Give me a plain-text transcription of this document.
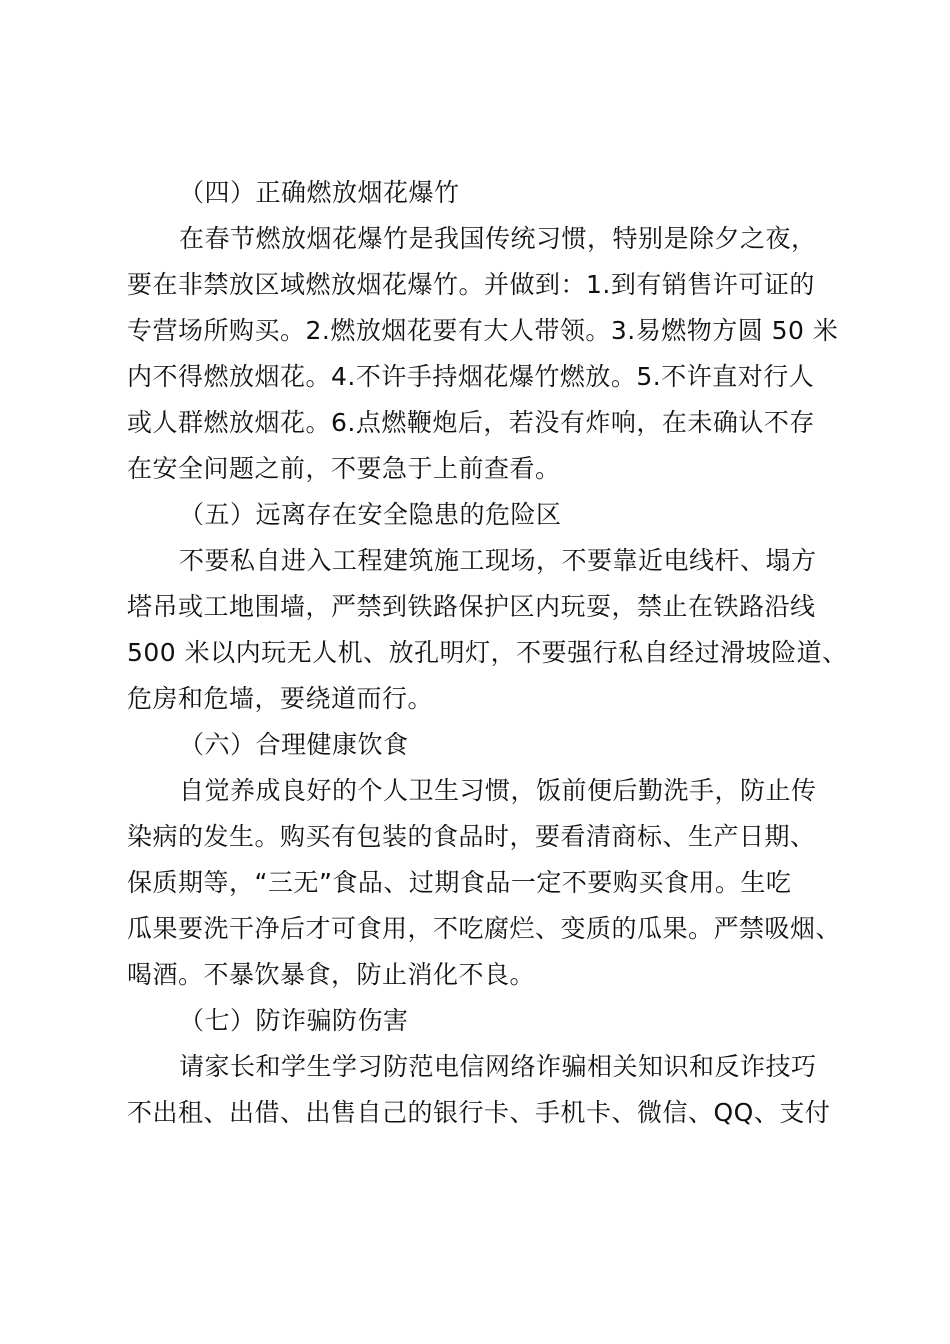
（四）正确燃放烟花爆竹
在春节燃放烟花爆竹是我国传统习惯，特别是除夕之夜，
要在非禁放区域燃放烟花爆竹。并做到：1.到有销售许可证的
专营场所购买。2.燃放烟花要有大人带领。3.易燃物方圆 50 米
内不得燃放烟花。4.不许手持烟花爆竹燃放。5.不许直对行人
或人群燃放烟花。6.点燃鞭炮后，若没有炸响，在未确认不存
在安全问题之前，不要急于上前查看。
（五）远离存在安全隐患的危险区
不要私自进入工程建筑施工现场，不要靠近电线杆、塌方
塔吊或工地围墙，严禁到铁路保护区内玩耍，禁止在铁路沿线
500 米以内玩无人机、放孔明灯，不要强行私自经过滑坡险道、
危房和危墙，要绕道而行。
（六）合理健康饮食
自觉养成良好的个人卫生习惯，饭前便后勤洗手，防止传
染病的发生。购买有包装的食品时，要看清商标、生产日期、
保质期等，“三无”食品、过期食品一定不要购买食用。生吃
瓜果要洗干净后才可食用，不吃腐烂、变质的瓜果。严禁吸烟、
喝酒。不暴饮暴食，防止消化不良。
（七）防诈骗防伤害
请家长和学生学习防范电信网络诈骗相关知识和反诈技巧
不出租、出借、出售自己的银行卡、手机卡、微信、QQ、支付
